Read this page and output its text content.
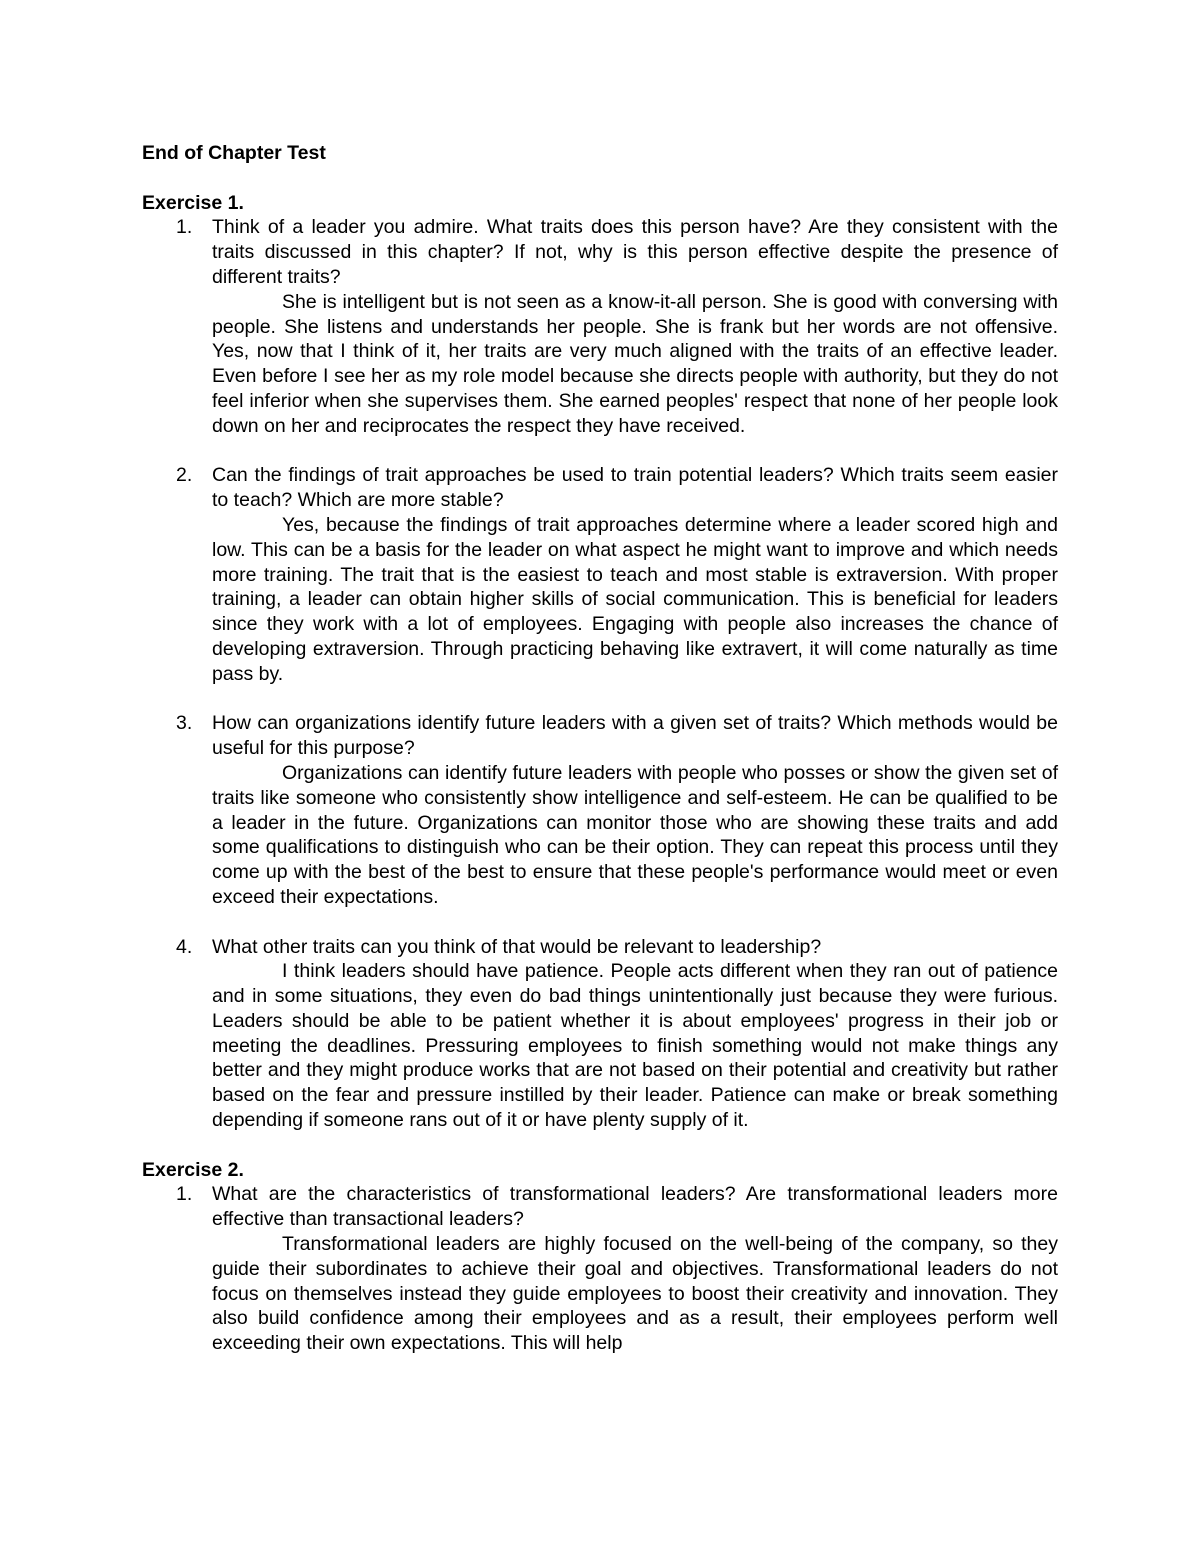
End of Chapter Test
Exercise 1.
1. Think of a leader you admire. What traits does this person have? Are they consistent with the traits discussed in this chapter? If not, why is this person effective despite the presence of different traits?

She is intelligent but is not seen as a know-it-all person. She is good with conversing with people. She listens and understands her people. She is frank but her words are not offensive. Yes, now that I think of it, her traits are very much aligned with the traits of an effective leader. Even before I see her as my role model because she directs people with authority, but they do not feel inferior when she supervises them. She earned peoples' respect that none of her people look down on her and reciprocates the respect they have received.

2. Can the findings of trait approaches be used to train potential leaders? Which traits seem easier to teach? Which are more stable?

Yes, because the findings of trait approaches determine where a leader scored high and low. This can be a basis for the leader on what aspect he might want to improve and which needs more training. The trait that is the easiest to teach and most stable is extraversion. With proper training, a leader can obtain higher skills of social communication. This is beneficial for leaders since they work with a lot of employees. Engaging with people also increases the chance of developing extraversion. Through practicing behaving like extravert, it will come naturally as time pass by.

3. How can organizations identify future leaders with a given set of traits? Which methods would be useful for this purpose?

Organizations can identify future leaders with people who posses or show the given set of traits like someone who consistently show intelligence and self-esteem. He can be qualified to be a leader in the future. Organizations can monitor those who are showing these traits and add some qualifications to distinguish who can be their option. They can repeat this process until they come up with the best of the best to ensure that these people's performance would meet or even exceed their expectations.

4. What other traits can you think of that would be relevant to leadership?

I think leaders should have patience. People acts different when they ran out of patience and in some situations, they even do bad things unintentionally just because they were furious. Leaders should be able to be patient whether it is about employees' progress in their job or meeting the deadlines. Pressuring employees to finish something would not make things any better and they might produce works that are not based on their potential and creativity but rather based on the fear and pressure instilled by their leader. Patience can make or break something depending if someone rans out of it or have plenty supply of it.

Exercise 2.
1. What are the characteristics of transformational leaders? Are transformational leaders more effective than transactional leaders?

Transformational leaders are highly focused on the well-being of the company, so they guide their subordinates to achieve their goal and objectives. Transformational leaders do not focus on themselves instead they guide employees to boost their creativity and innovation. They also build confidence among their employees and as a result, their employees perform well exceeding their own expectations. This will help
